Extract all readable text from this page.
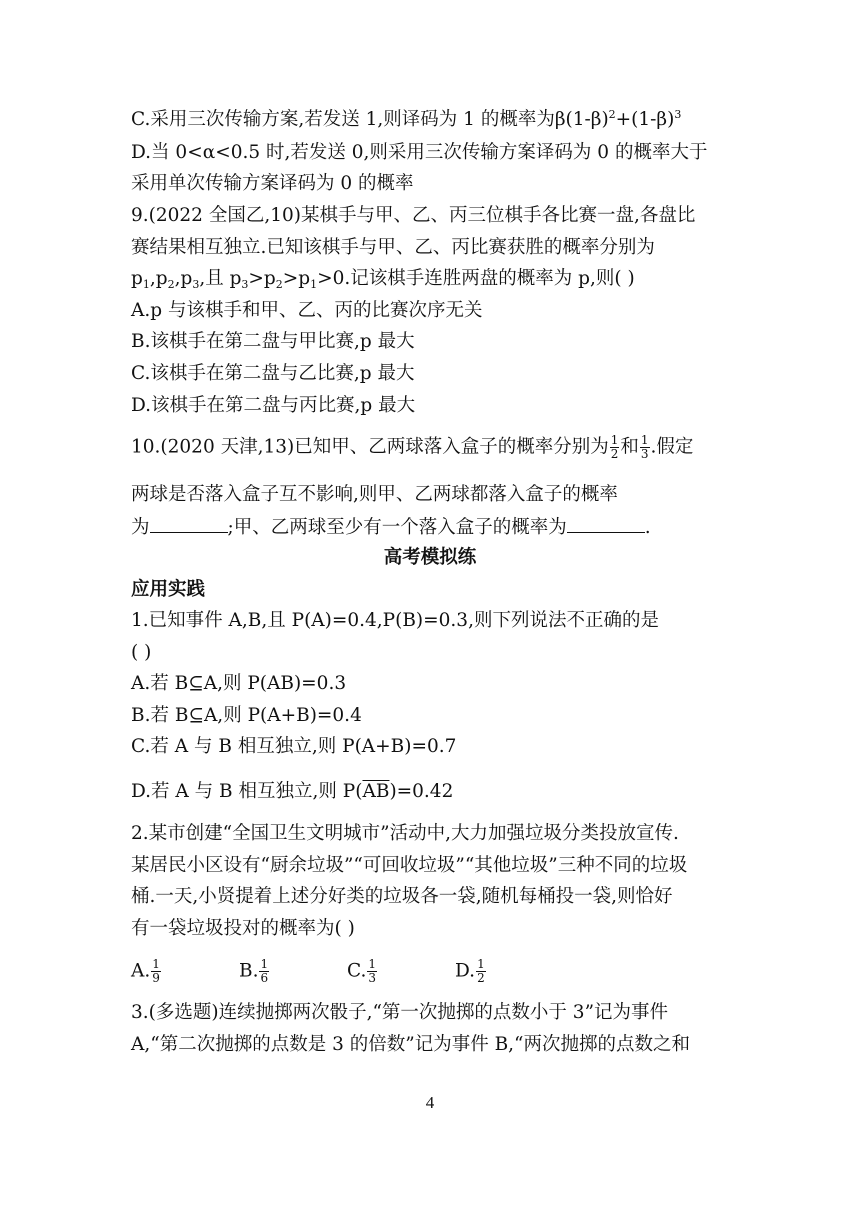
C.采用三次传输方案,若发送 1,则译码为 1 的概率为$\beta(1-\beta)^2+(1-\beta)^3$
D.当 0<α<0.5 时,若发送 0,则采用三次传输方案译码为 0 的概率大于
采用单次传输方案译码为 0 的概率
9.(2022 全国乙,10)某棋手与甲、乙、丙三位棋手各比赛一盘,各盘比
赛结果相互独立.已知该棋手与甲、乙、丙比赛获胜的概率分别为
$p_1,p_2,p_3$,且 $p_3>p_2>p_1>0$.记该棋手连胜两盘的概率为 p,则( )
A.p 与该棋手和甲、乙、丙的比赛次序无关
B.该棋手在第二盘与甲比赛,p 最大
C.该棋手在第二盘与乙比赛,p 最大
D.该棋手在第二盘与丙比赛,p 最大
10.(2020 天津,13)已知甲、乙两球落入盒子的概率分别为 $\frac{1}{2}$ 和 $\frac{1}{3}$ .假定
两球是否落入盒子互不影响,则甲、乙两球都落入盒子的概率
为	;甲、乙两球至少有一个落入盒子的概率为	.
高考模拟练
应用实践
1.已知事件 A,B,且 P(A)=0.4,P(B)=0.3,则下列说法不正确的是
( )
A.若 B⊆A,则 P(AB)=0.3
B.若 B⊆A,则 P(A+B)=0.4
C.若 A 与 B 相互独立,则 P(A+B)=0.7
D.若 A 与 B 相互独立,则 $P(\overline{AB})=0.42$
2.某市创建“全国卫生文明城市”活动中,大力加强垃圾分类投放宣传.
某居民小区设有“厨余垃圾”“可回收垃圾”“其他垃圾”三种不同的垃圾
桶.一天,小贤提着上述分好类的垃圾各一袋,随机每桶投一袋,则恰好
有一袋垃圾投对的概率为( )
A. $\frac{1}{9}$	B. $\frac{1}{6}$	C. $\frac{1}{3}$	D. $\frac{1}{2}$
3.(多选题)连续抛掷两次骰子,“第一次抛掷的点数小于 3”记为事件
A,“第二次抛掷的点数是 3 的倍数”记为事件 B,“两次抛掷的点数之和
4
